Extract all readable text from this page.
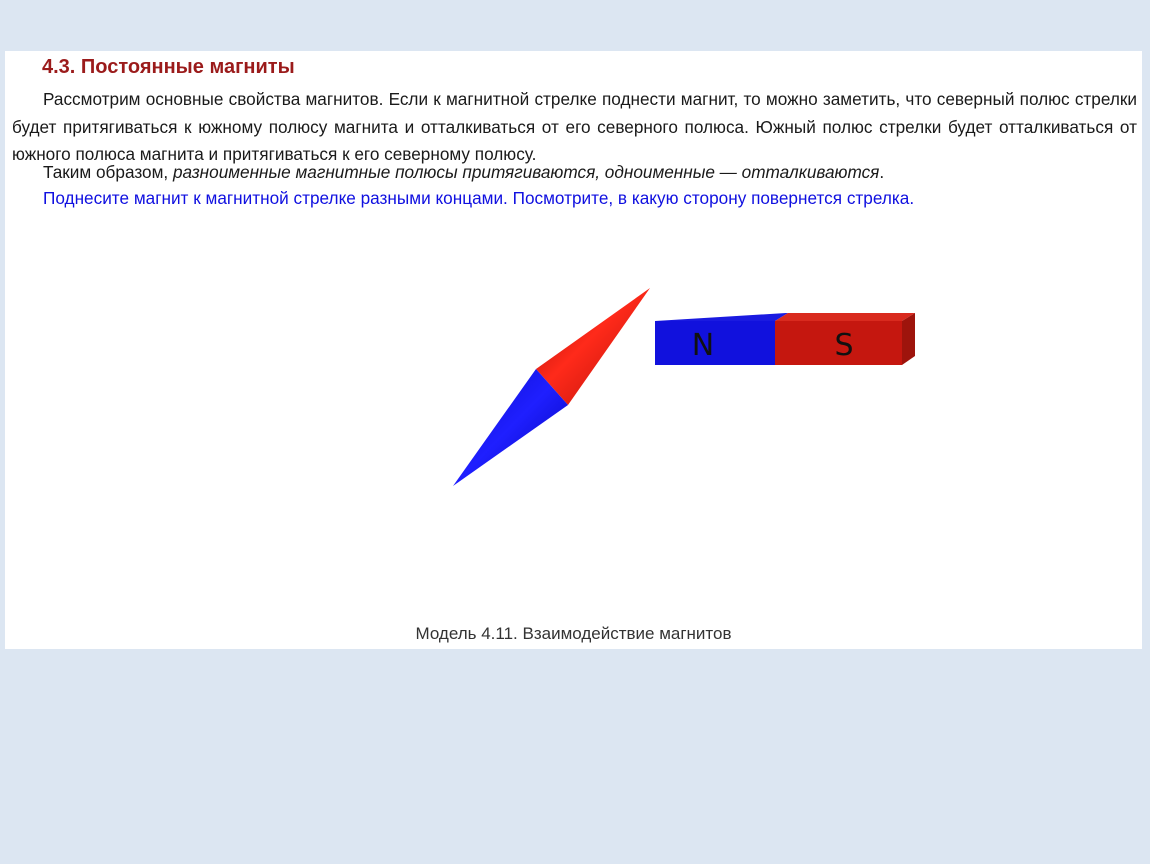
4.3. Постоянные магниты

Рассмотрим основные свойства магнитов. Если к магнитной стрелке поднести магнит, то можно заметить, что северный полюс стрелки будет притягиваться к южному полюсу магнита и отталкиваться от его северного полюса. Южный полюс стрелки будет отталкиваться от южного полюса магнита и притягиваться к его северному полюсу.

Таким образом, разноименные магнитные полюсы притягиваются, одноименные — отталкиваются.

Поднесите магнит к магнитной стрелке разными концами. Посмотрите, в какую сторону повернется стрелка.

N	S

Модель 4.11. Взаимодействие магнитов
